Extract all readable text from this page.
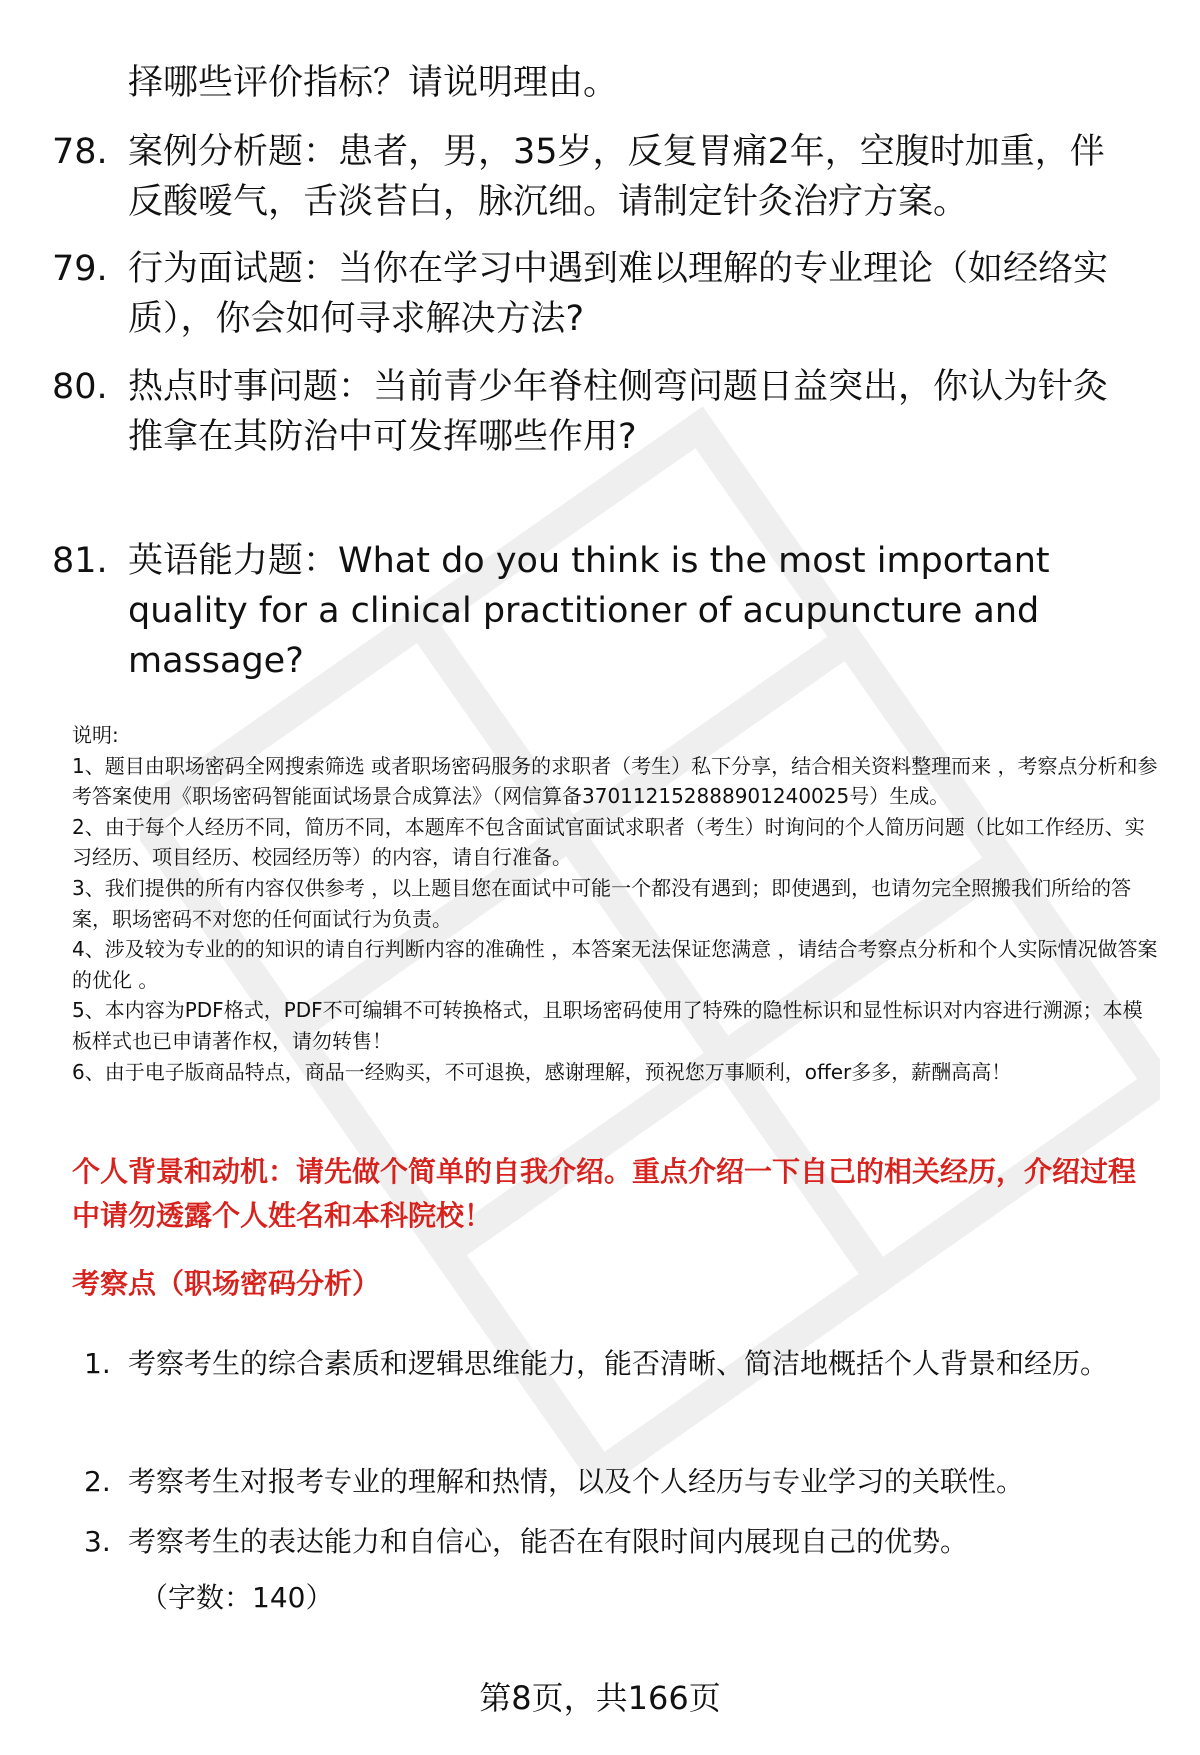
择哪些评价指标？请说明理由。
78. 案例分析题：患者，男，35岁，反复胃痛2年，空腹时加重，伴反酸嗳气，舌淡苔白，脉沉细。请制定针灸治疗方案。
79. 行为面试题：当你在学习中遇到难以理解的专业理论（如经络实质），你会如何寻求解决方法?
80. 热点时事问题：当前青少年脊柱侧弯问题日益突出，你认为针灸推拿在其防治中可发挥哪些作用?
81. 英语能力题：What do you think is the most important quality for a clinical practitioner of acupuncture and massage?

说明:

1、题目由职场密码全网搜索筛选 或者职场密码服务的求职者（考生）私下分享，结合相关资料整理而来 ，考察点分析和参考答案使用《职场密码智能面试场景合成算法》（网信算备370112152888901240025号）生成。

2、由于每个人经历不同，简历不同，本题库不包含面试官面试求职者（考生）时询问的个人简历问题（比如工作经历、实习经历、项目经历、校园经历等）的内容，请自行准备。

3、我们提供的所有内容仅供参考 ，以上题目您在面试中可能一个都没有遇到；即使遇到，也请勿完全照搬我们所给的答案，职场密码不对您的任何面试行为负责。

4、涉及较为专业的的知识的请自行判断内容的准确性 ，本答案无法保证您满意 ，请结合考察点分析和个人实际情况做答案的优化 。

5、本内容为PDF格式，PDF不可编辑不可转换格式，且职场密码使用了特殊的隐性标识和显性标识对内容进行溯源；本模板样式也已申请著作权，请勿转售！

6、由于电子版商品特点，商品一经购买，不可退换，感谢理解，预祝您万事顺利，offer多多，薪酬高高！

个人背景和动机：请先做个简单的自我介绍。重点介绍一下自己的相关经历，介绍过程中请勿透露个人姓名和本科院校！
考察点（职场密码分析）
1. 考察考生的综合素质和逻辑思维能力，能否清晰、简洁地概括个人背景和经历。
2. 考察考生对报考专业的理解和热情，以及个人经历与专业学习的关联性。
3. 考察考生的表达能力和自信心，能否在有限时间内展现自己的优势。
（字数：140）
第8页，共166页
